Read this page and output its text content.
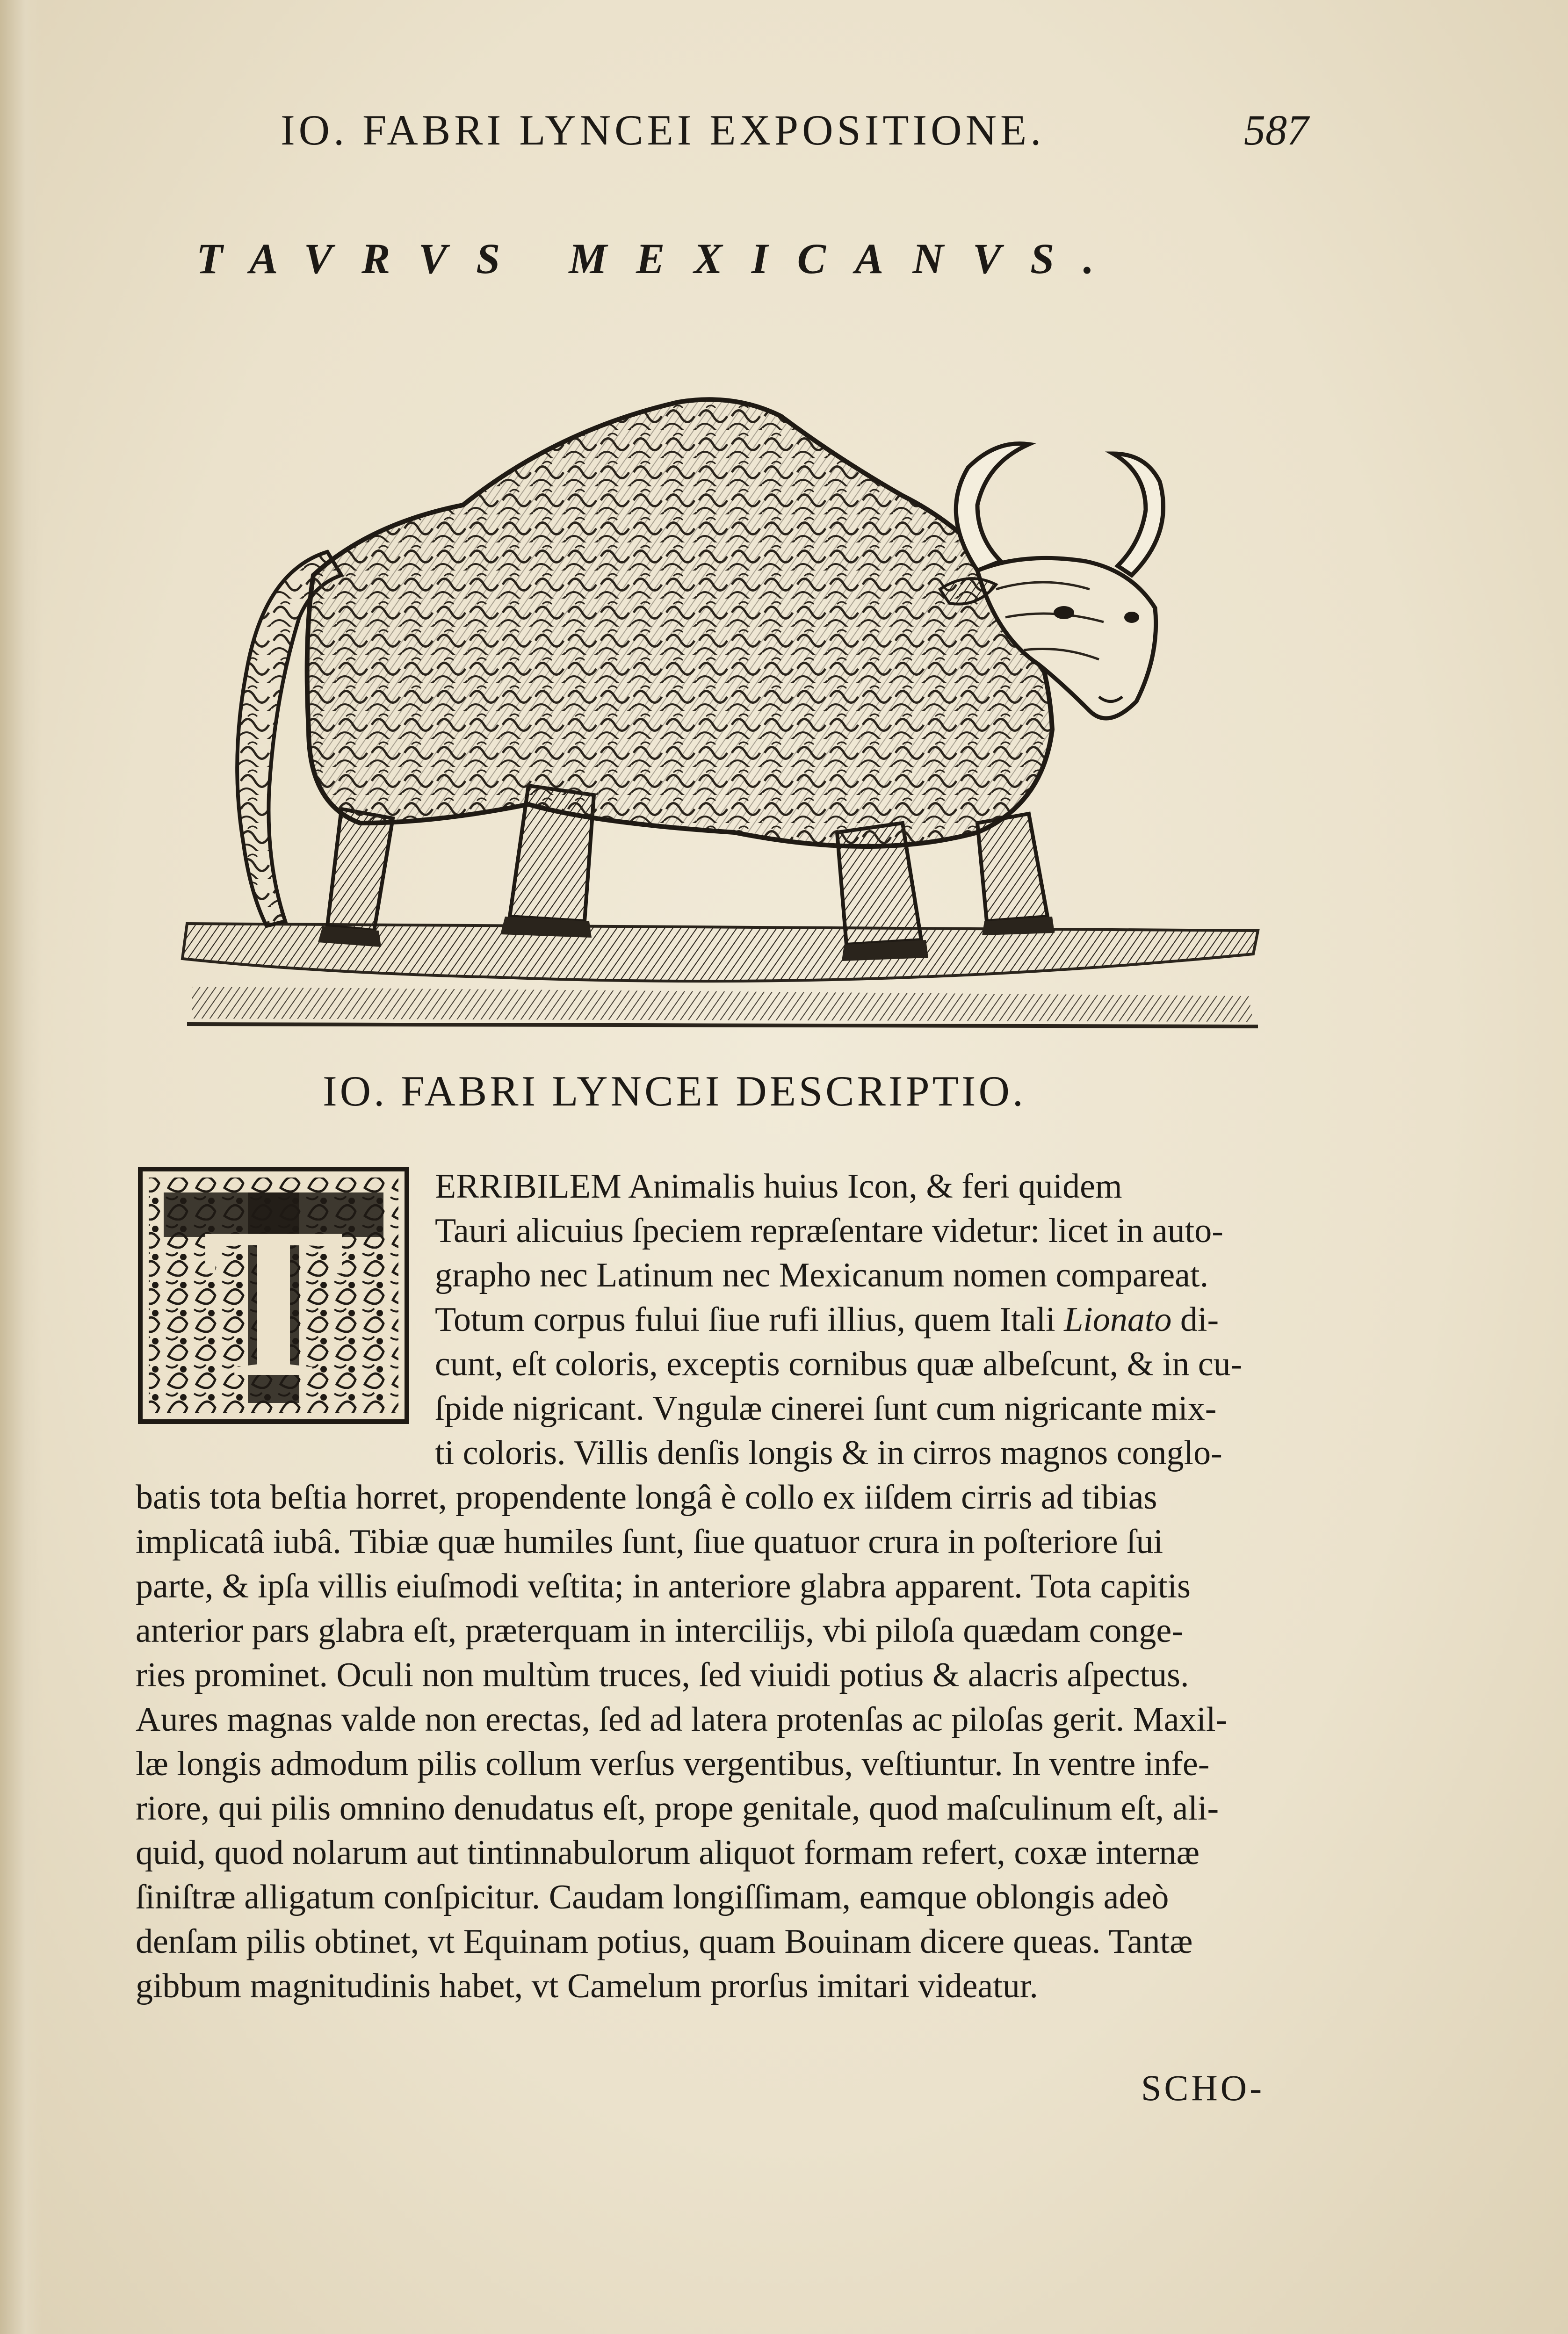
IO. FABRI LYNCEI EXPOSITIONE.	587
TAVRVS MEXICANVS.
IO. FABRI LYNCEI DESCRIPTIO.
T	ERRIBILEM Animalis huius Icon, & feri quidem
Tauri alicuius ſpeciem repræſentare videtur: licet in auto-
grapho nec Latinum nec Mexicanum nomen compareat.
Totum corpus fului ſiue rufi illius, quem Itali Lionato di-
cunt, eſt coloris, exceptis cornibus quæ albeſcunt, & in cu-
ſpide nigricant. Vngulæ cinerei ſunt cum nigricante mix-
ti coloris. Villis denſis longis & in cirros magnos conglo-
batis tota beſtia horret, propendente longâ è collo ex iiſdem cirris ad tibias
implicatâ iubâ. Tibiæ quæ humiles ſunt, ſiue quatuor crura in poſteriore ſui
parte, & ipſa villis eiuſmodi veſtita; in anteriore glabra apparent. Tota capitis
anterior pars glabra eſt, præterquam in intercilijs, vbi piloſa quædam conge-
ries prominet. Oculi non multùm truces, ſed viuidi potius & alacris aſpectus.
Aures magnas valde non erectas, ſed ad latera protenſas ac piloſas gerit. Maxil-
læ longis admodum pilis collum verſus vergentibus, veſtiuntur. In ventre infe-
riore, qui pilis omnino denudatus eſt, prope genitale, quod maſculinum eſt, ali-
quid, quod nolarum aut tintinnabulorum aliquot formam refert, coxæ internæ
ſiniſtræ alligatum conſpicitur. Caudam longiſſimam, eamque oblongis adeò
denſam pilis obtinet, vt Equinam potius, quam Bouinam dicere queas. Tantæ
gibbum magnitudinis habet, vt Camelum prorſus imitari videatur.
SCHO-
